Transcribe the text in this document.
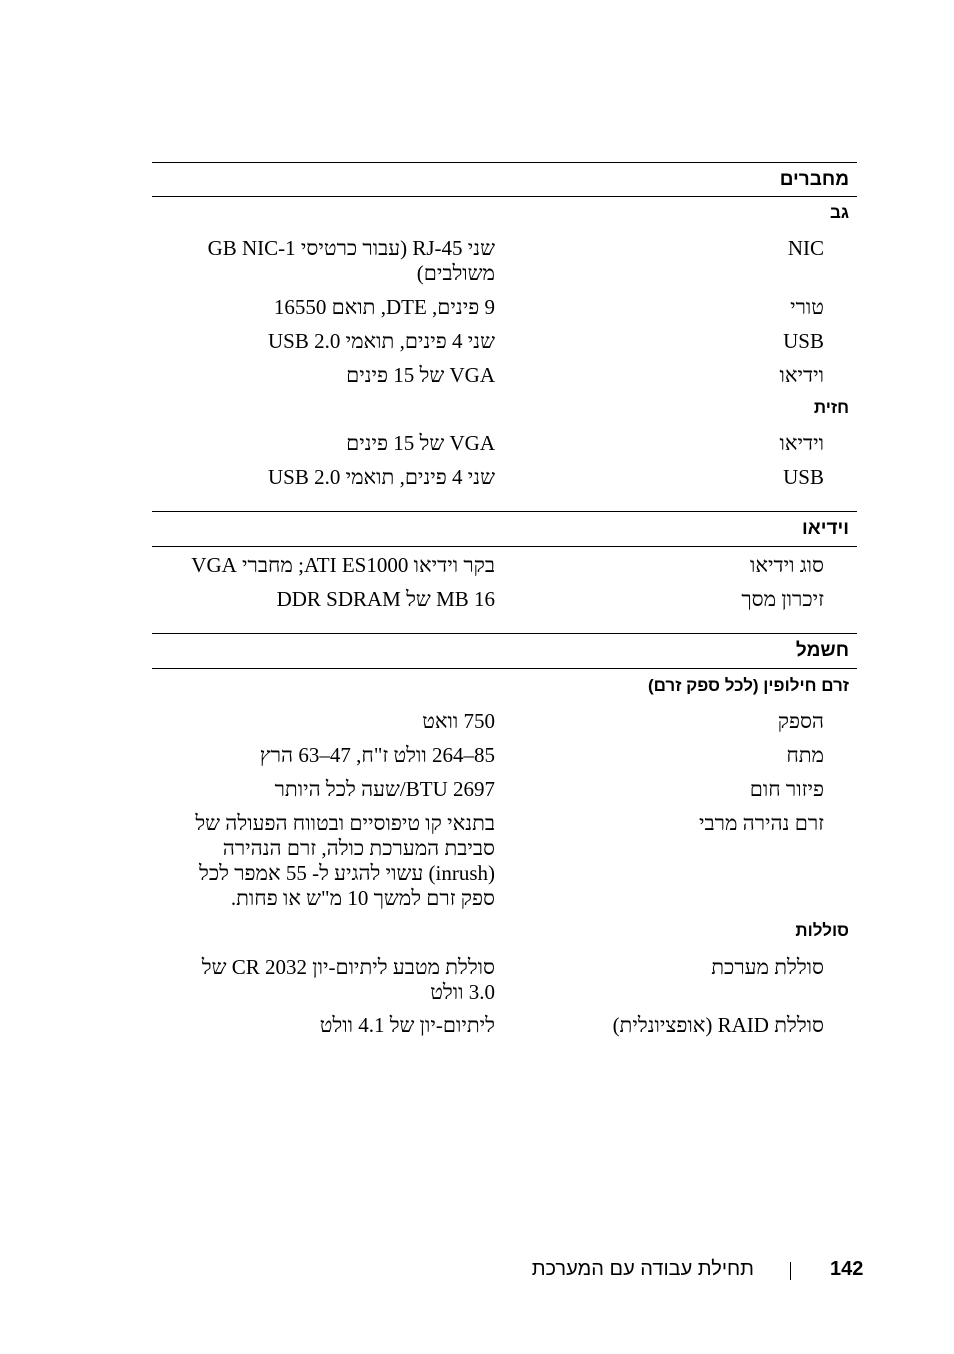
מחברים
גב
NIC
שני RJ-45 (עבור כרטיסי 1-GB NIC משולבים)
טורי
9 פינים, DTE, תואם 16550
USB
שני 4 פינים, תואמי USB 2.0
וידיאו
VGA של 15 פינים
חזית
וידיאו
VGA של 15 פינים
USB
שני 4 פינים, תואמי USB 2.0
וידיאו
סוג וידיאו
בקר וידיאו ATI ES1000; מחברי VGA
זיכרון מסך
16 MB של DDR SDRAM
חשמל
זרם חילופין (לכל ספק זרם)
הספק
750 וואט
מתח
85–264 וולט ז"ח, 47–63 הרץ
פיזור חום
2697 BTU/שעה לכל היותר
זרם נהירה מרבי
בתנאי קו טיפוסיים ובטווח הפעולה של סביבת המערכת כולה, זרם הנהירה (inrush) עשוי להגיע ל- 55 אמפר לכל ספק זרם למשך 10 מ"ש או פחות.
סוללות
סוללת מערכת
סוללת מטבע ליתיום-יון CR 2032 של 3.0 וולט
סוללת RAID (אופציונלית)
ליתיום-יון של 4.1 וולט
142
תחילת עבודה עם המערכת
